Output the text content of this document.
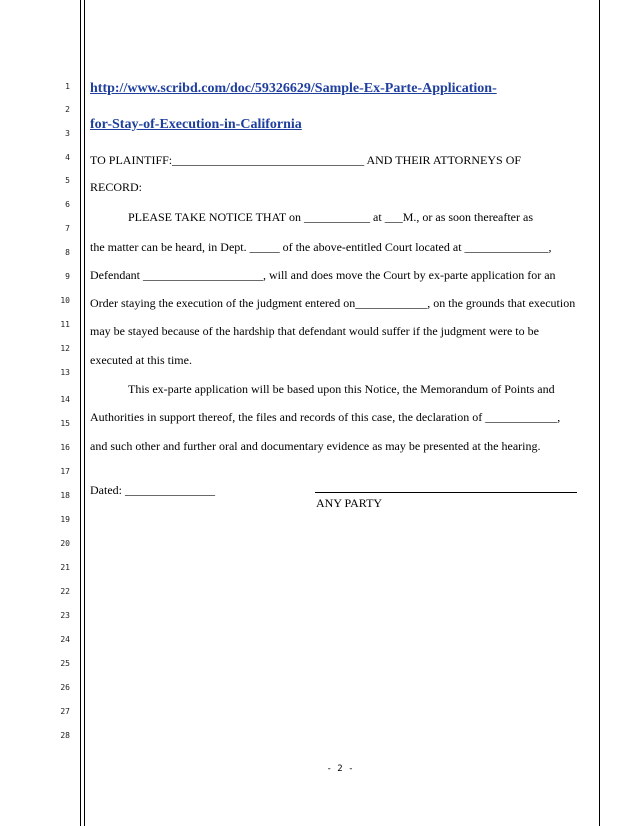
1
2
3
4
5
6
7
8
9
10
11
12
13
14
15
16
17
18
19
20
21
22
23
24
25
26
27
28
http://www.scribd.com/doc/59326629/Sample-Ex-Parte-Application-
for-Stay-of-Execution-in-California
TO PLAINTIFF:________________________________ AND THEIR ATTORNEYS OF
RECORD:
PLEASE TAKE NOTICE THAT on ___________ at ___M., or as soon thereafter as
the matter can be heard, in Dept. _____ of the above-entitled Court located at ______________,
Defendant ____________________, will and does move the Court by ex-parte application for an
Order staying the execution of the judgment entered on____________, on the grounds that execution
may be stayed because of the hardship that defendant would suffer if the judgment were to be
executed at this time.
This ex-parte application will be based upon this Notice, the Memorandum of Points and
Authorities in support thereof, the files and records of this case, the declaration of ____________,
and such other and further oral and documentary evidence as may be presented at the hearing.
Dated: _______________
ANY PARTY
- 2 -
